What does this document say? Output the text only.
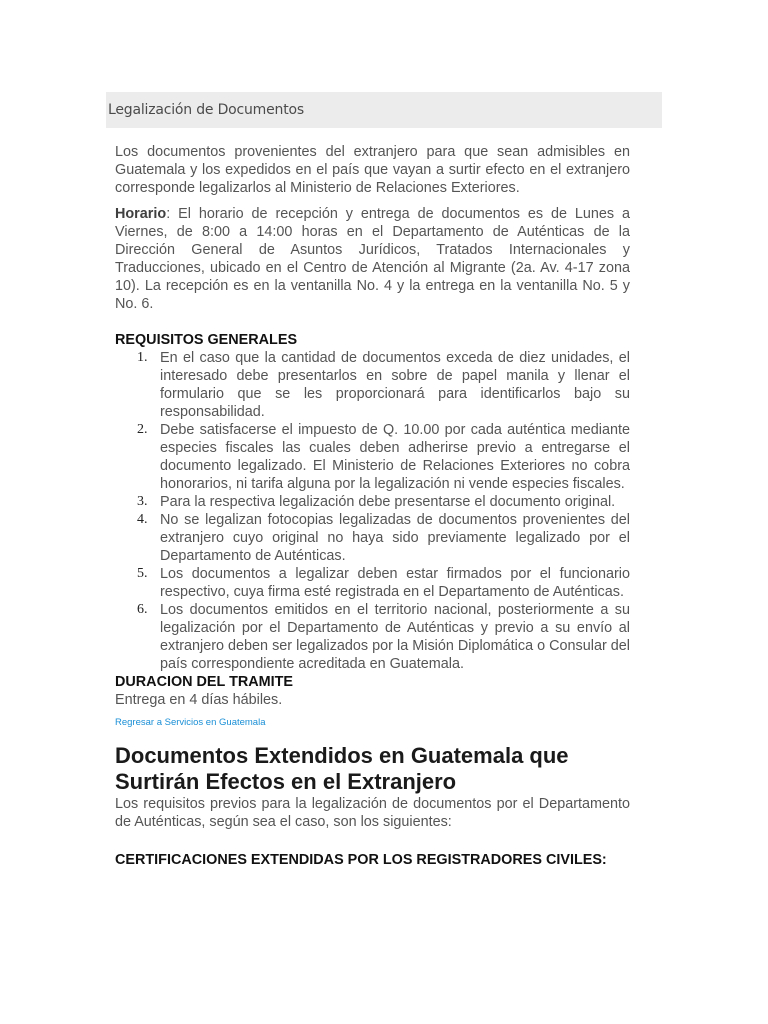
Legalización de Documentos

Los documentos provenientes del extranjero para que sean admisibles en Guatemala y los expedidos en el país que vayan a surtir efecto en el extranjero corresponde legalizarlos al Ministerio de Relaciones Exteriores.

Horario: El horario de recepción y entrega de documentos es de Lunes a Viernes, de 8:00 a 14:00 horas en el Departamento de Auténticas de la Dirección General de Asuntos Jurídicos, Tratados Internacionales y Traducciones, ubicado en el Centro de Atención al Migrante (2a. Av. 4-17 zona 10). La recepción es en la ventanilla No. 4 y la entrega en la ventanilla No. 5 y No. 6.

REQUISITOS GENERALES
1. En el caso que la cantidad de documentos exceda de diez unidades, el interesado debe presentarlos en sobre de papel manila y llenar el formulario que se les proporcionará para identificarlos bajo su responsabilidad.
2. Debe satisfacerse el impuesto de Q. 10.00 por cada auténtica mediante especies fiscales las cuales deben adherirse previo a entregarse el documento legalizado. El Ministerio de Relaciones Exteriores no cobra honorarios, ni tarifa alguna por la legalización ni vende especies fiscales.
3. Para la respectiva legalización debe presentarse el documento original.
4. No se legalizan fotocopias legalizadas de documentos provenientes del extranjero cuyo original no haya sido previamente legalizado por el Departamento de Auténticas.
5. Los documentos a legalizar deben estar firmados por el funcionario respectivo, cuya firma esté registrada en el Departamento de Auténticas.
6. Los documentos emitidos en el territorio nacional, posteriormente a su legalización por el Departamento de Auténticas y previo a su envío al extranjero deben ser legalizados por la Misión Diplomática o Consular del país correspondiente acreditada en Guatemala.
DURACION DEL TRAMITE

Entrega en 4 días hábiles.

Regresar a Servicios en Guatemala
Documentos Extendidos en Guatemala que Surtirán Efectos en el Extranjero

Los requisitos previos para la legalización de documentos por el Departamento de Auténticas, según sea el caso, son los siguientes:

CERTIFICACIONES EXTENDIDAS POR LOS REGISTRADORES CIVILES:
